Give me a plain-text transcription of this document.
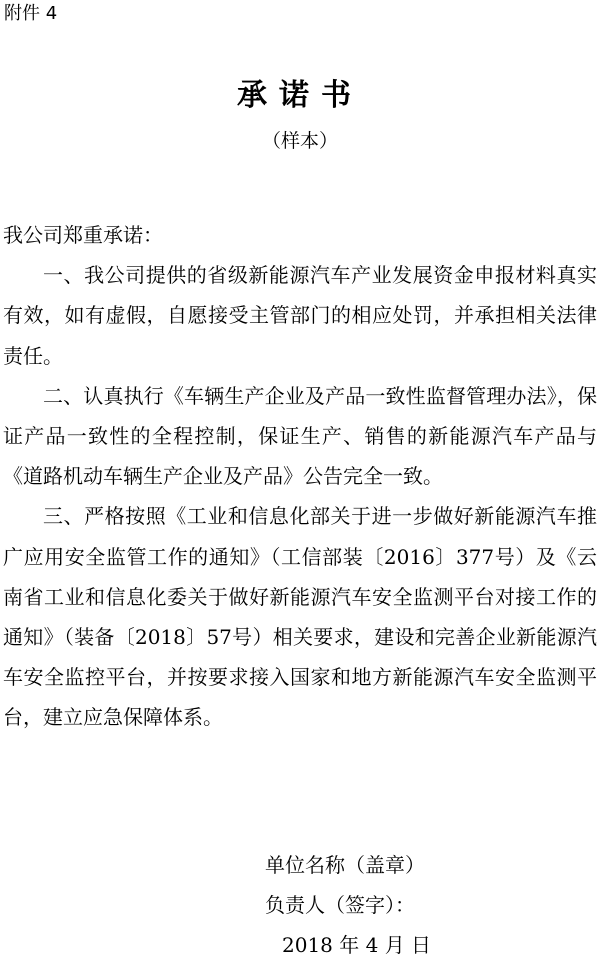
附件 4
承诺书
（样本）

我公司郑重承诺：

一、我公司提供的省级新能源汽车产业发展资金申报材料真实有效，如有虚假，自愿接受主管部门的相应处罚，并承担相关法律责任。

二、认真执行《车辆生产企业及产品一致性监督管理办法》，保证产品一致性的全程控制，保证生产、销售的新能源汽车产品与《道路机动车辆生产企业及产品》公告完全一致。

三、严格按照《工业和信息化部关于进一步做好新能源汽车推广应用安全监管工作的通知》（工信部装〔2016〕377号）及《云南省工业和信息化委关于做好新能源汽车安全监测平台对接工作的通知》（装备〔2018〕57号）相关要求，建设和完善企业新能源汽车安全监控平台，并按要求接入国家和地方新能源汽车安全监测平台，建立应急保障体系。

单位名称（盖章）
负责人（签字）：
2018 年 4 月 日
